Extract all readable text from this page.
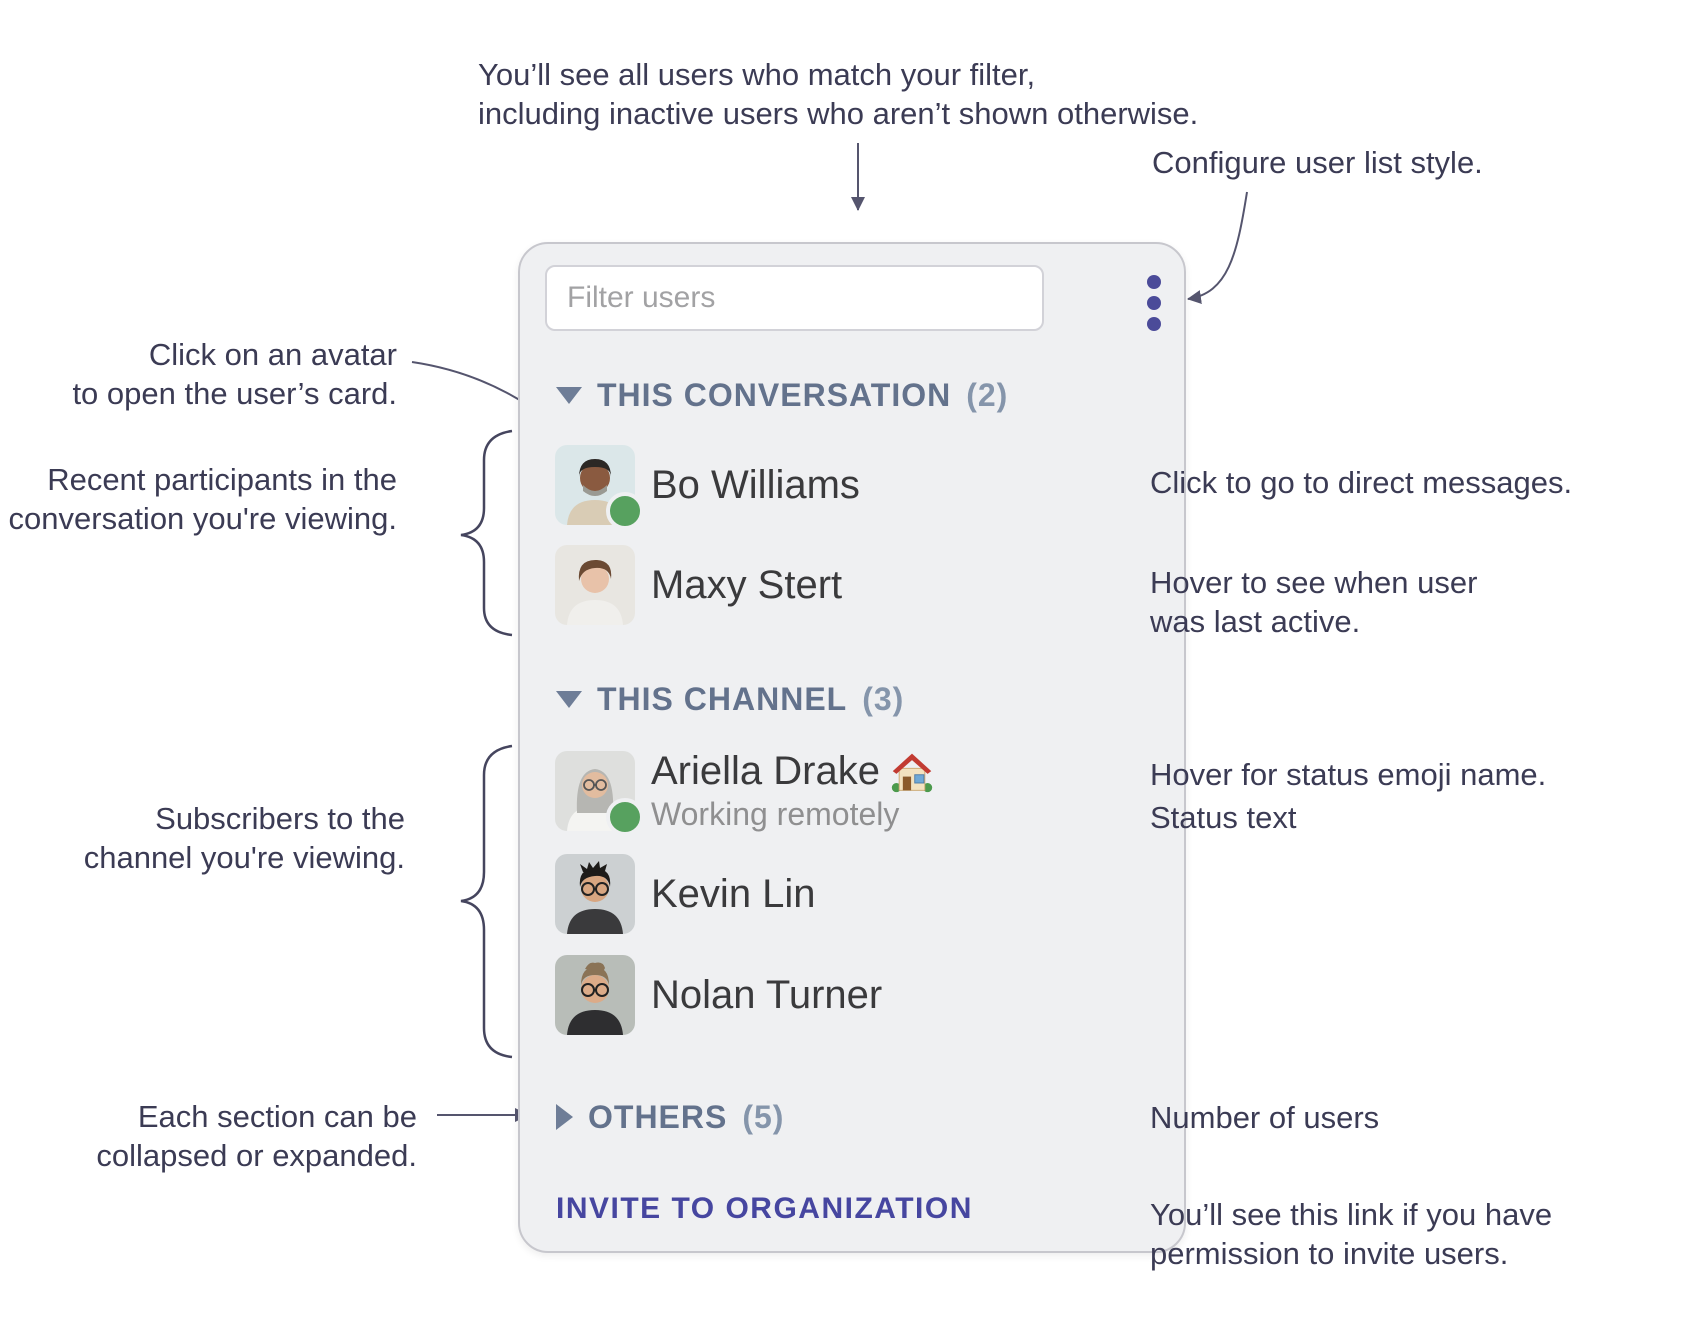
You’ll see all users who match your filter,
including inactive users who aren’t shown otherwise.
Configure user list style.
Click on an avatar
to open the user’s card.
Recent participants in the
conversation you're viewing.
Click to go to direct messages.
Hover to see when user
was last active.
Hover for status emoji name.
Status text
Subscribers to the
channel you're viewing.
Each section can be
collapsed or expanded.
Number of users
You’ll see this link if you have
permission to invite users.
Filter users
THIS CONVERSATION (2)
Bo Williams
Maxy Stert
THIS CHANNEL (3)
Ariella Drake
Working remotely
Kevin Lin
Nolan Turner
OTHERS (5)
INVITE TO ORGANIZATION
